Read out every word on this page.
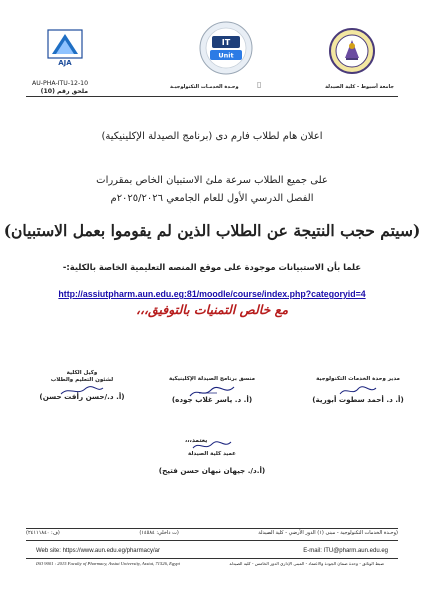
AJA
IT
Unit
جامعة أسيوط - كلية الصيدلة
▯
وحـدة الخدمـات التكنولوجيـة
AU-PHA-ITU-12-10
ملحق رقم (10)
اعلان هام لطلاب فارم دى (برنامج الصيدلة الإكلينيكية)
على جميع الطلاب سرعة ملئ الاستبيان الخاص بمقررات
الفصل الدرسي الأول للعام الجامعي ٢٠٢٥/٢٠٢٦م
(سيتم حجب النتيجة عن الطلاب الذين لم يقوموا بعمل الاستبيان)
علما بأن الاستبيانات موجودة على موقع المنصه التعليمية الخاصة بالكلية:-
http://assiutpharm.aun.edu.eg:81/moodle/course/index.php?categoryid=4
مع خالص التمنيات بالتوفيق،،،
مدير وحدة الخدمات التكنولوجية
(أ. د. أحمد سطوت أبورية)
منسق برنامج الصيدلة الإكلينيكية
(أ. د. ياسر غلاب جوده)
وكيل الكلية
لشئون التعليم والطلاب
(أ. د./حسن رأفت حسن)
يعتمد،،،
عميد كلية الصيدلة
(أ.د/. جيهان نبهان حسن فتيح)
(وحـدة الخدمات التكنولوجية - مبنى (١) الدور الأرضي - كلية الصيدلة
(ت داخلي: ١٤٥٨٤)
(ف: ٢٤١١١٨٤٠)
Web site: https://www.aun.edu.eg/pharmacy/ar	E-mail: ITU@pharm.aun.edu.eg
ISO 9001 : 2015 Faculty of Pharmacy, Assiut University, Assiut, 71526, Egypt	ضبط الوثائق - وحدة ضمان الجودة والاعتماد - المبنى الإداري الدور الخامس - كلية الصيدلة
